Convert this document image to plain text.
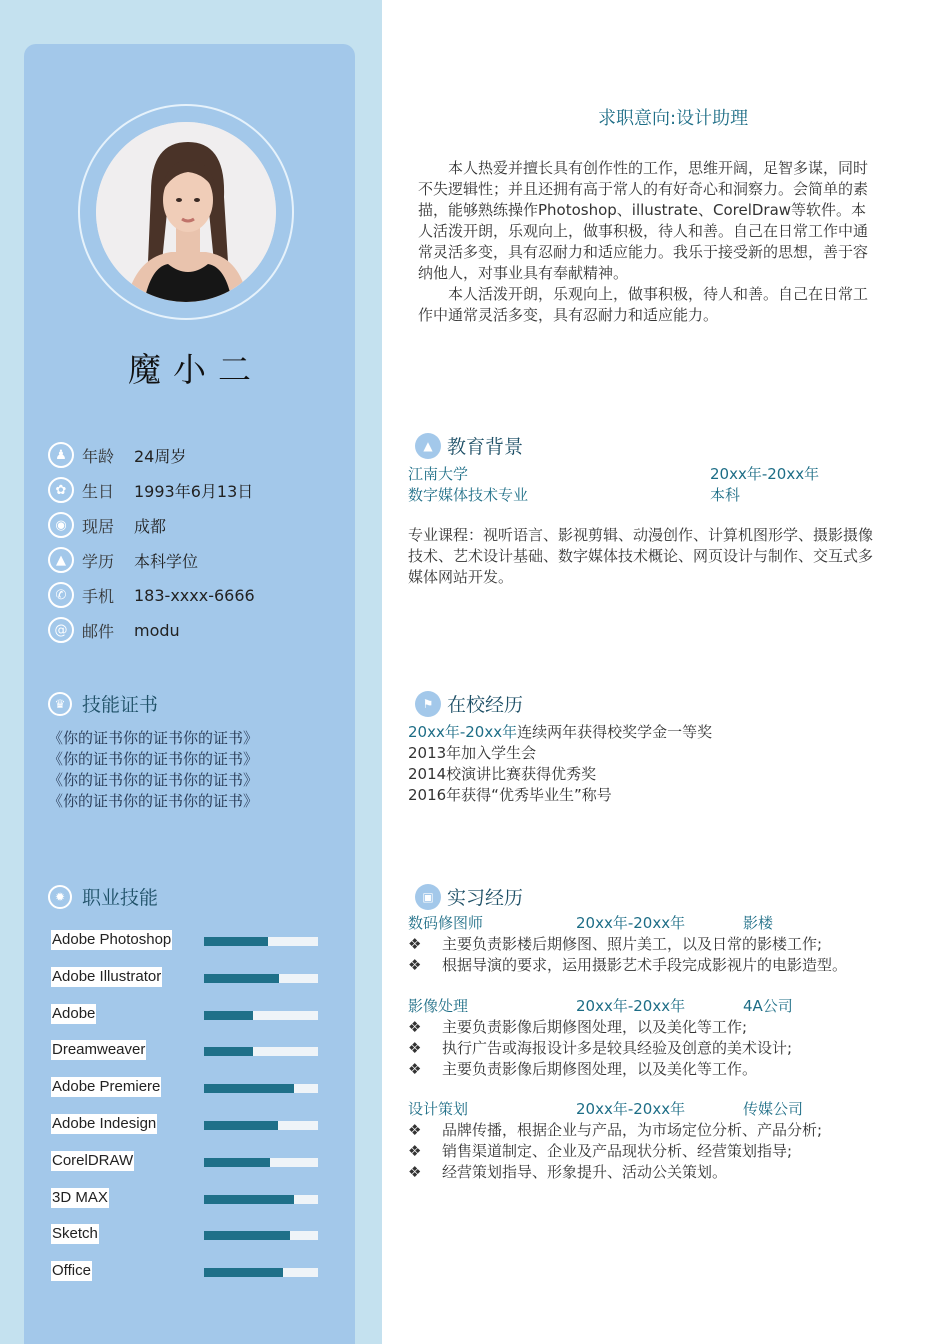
魔小二
♟ 年龄	24周岁
✿ 生日	1993年6月13日
◉ 现居	成都
▲	学历	本科学位
✆ 手机	183-xxxx-6666
@ 邮件	modu
♛ 技能证书
《你的证书你的证书你的证书》
《你的证书你的证书你的证书》
《你的证书你的证书你的证书》
《你的证书你的证书你的证书》
✹ 职业技能
Adobe Photoshop
Adobe Illustrator
Adobe
Dreamweaver
Adobe Premiere
Adobe Indesign
CorelDRAW
3D MAX
Sketch
Office
求职意向:设计助理
　　本人热爱并擅长具有创作性的工作，思维开阔，足智多谋，同时
不失逻辑性；并且还拥有高于常人的有好奇心和洞察力。会简单的素
描，能够熟练操作Photoshop、illustrate、CorelDraw等软件。本
人活泼开朗，乐观向上，做事积极，待人和善。自己在日常工作中通
常灵活多变，具有忍耐力和适应能力。我乐于接受新的思想，善于容
纳他人，对事业具有奉献精神。
　　本人活泼开朗，乐观向上，做事积极，待人和善。自己在日常工
作中通常灵活多变，具有忍耐力和适应能力。
▲ 教育背景
江南大学	20xx年-20xx年
数字媒体技术专业	本科
专业课程：视听语言、影视剪辑、动漫创作、计算机图形学、摄影摄像
技术、艺术设计基础、数字媒体技术概论、网页设计与制作、交互式多
媒体网站开发。
⚑ 在校经历
20xx年-20xx年连续两年获得校奖学金一等奖
2013年加入学生会
2014校演讲比赛获得优秀奖
2016年获得“优秀毕业生”称号
▣ 实习经历
数码修图师	20xx年-20xx年	影楼
❖	主要负责影楼后期修图、照片美工，以及日常的影楼工作;
❖	根据导演的要求，运用摄影艺术手段完成影视片的电影造型。
影像处理	20xx年-20xx年	4A公司
❖	主要负责影像后期修图处理，以及美化等工作;
❖	执行广告或海报设计多是较具经验及创意的美术设计;
❖	主要负责影像后期修图处理，以及美化等工作。
设计策划	20xx年-20xx年	传媒公司
❖	品牌传播，根据企业与产品，为市场定位分析、产品分析;
❖	销售渠道制定、企业及产品现状分析、经营策划指导;
❖	经营策划指导、形象提升、活动公关策划。
